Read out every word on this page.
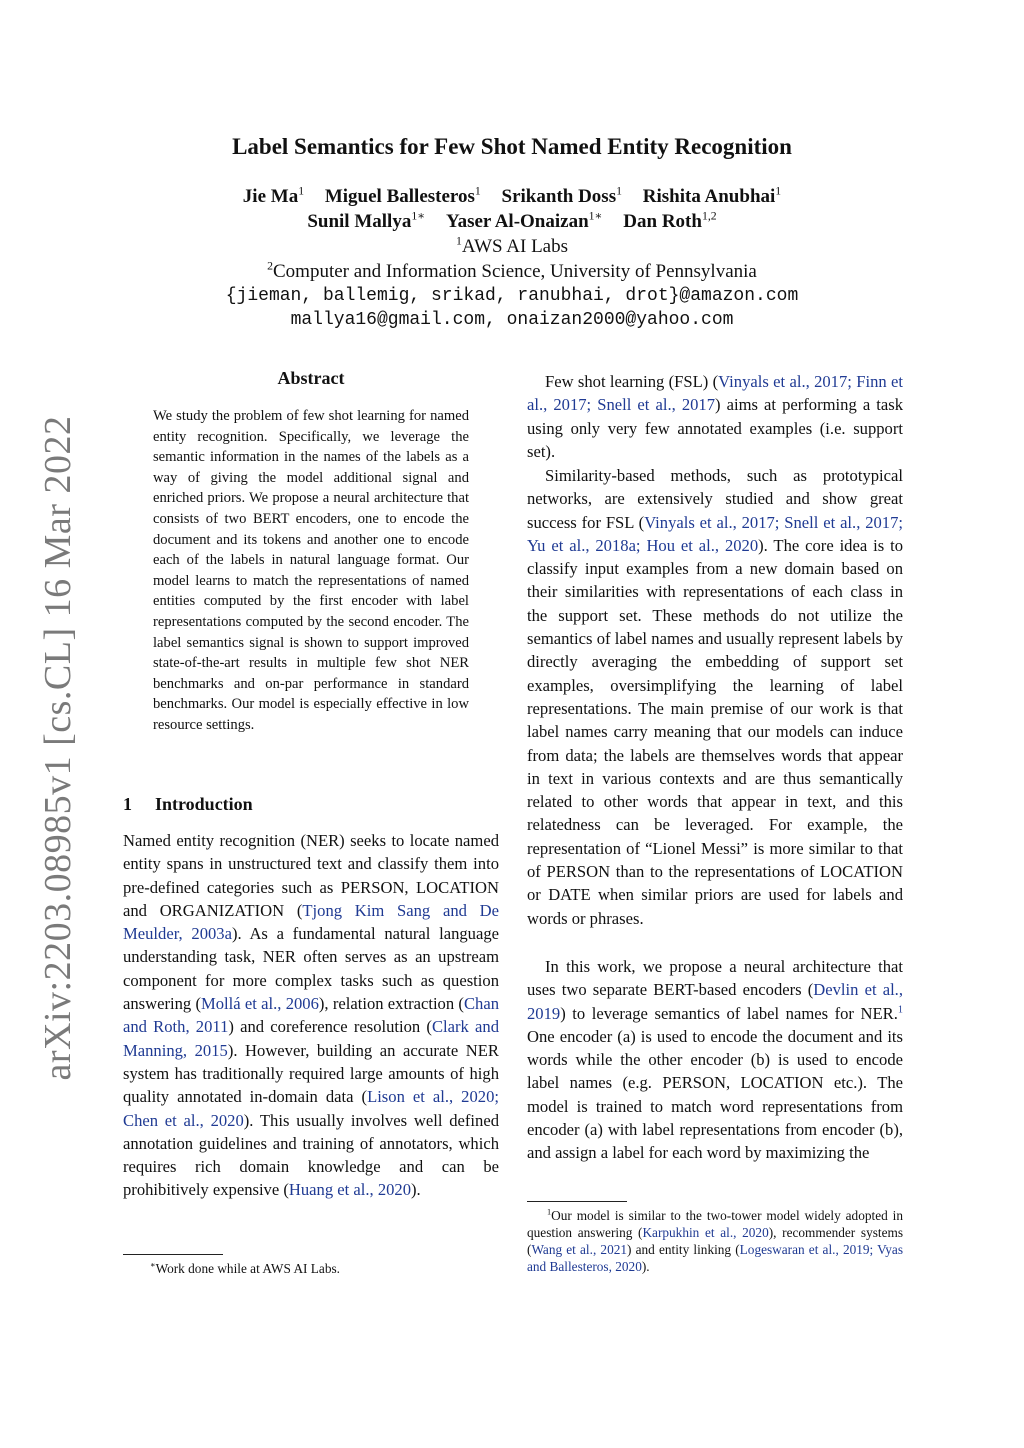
arXiv:2203.08985v1 [cs.CL] 16 Mar 2022
Label Semantics for Few Shot Named Entity Recognition
Jie Ma$^1$ Miguel Ballesteros$^1$ Srikanth Doss$^1$ Rishita Anubhai$^1$
Sunil Mallya$^{1∗}$ Yaser Al-Onaizan$^{1∗}$ Dan Roth$^{1,2}$
$^1$AWS AI Labs
$^2$Computer and Information Science, University of Pennsylvania
{jieman, ballemig, srikad, ranubhai, drot}@amazon.com
mallya16@gmail.com, onaizan2000@yahoo.com
Abstract
We study the problem of few shot learning for named entity recognition. Specifically, we leverage the semantic information in the names of the labels as a way of giving the model additional signal and enriched priors. We propose a neural architecture that consists of two BERT encoders, one to encode the document and its tokens and another one to encode each of the labels in natural language format. Our model learns to match the representations of named entities computed by the first encoder with label representations computed by the second encoder. The label semantics signal is shown to support improved state-of-the-art results in multiple few shot NER benchmarks and on-par performance in standard benchmarks. Our model is especially effective in low resource settings.
1 Introduction

Named entity recognition (NER) seeks to locate named entity spans in unstructured text and classify them into pre-defined categories such as PERSON, LOCATION and ORGANIZATION (Tjong Kim Sang and De Meulder, 2003a). As a fundamental natural language understanding task, NER often serves as an upstream component for more complex tasks such as question answering (Mollá et al., 2006), relation extraction (Chan and Roth, 2011) and coreference resolution (Clark and Manning, 2015). However, building an accurate NER system has traditionally required large amounts of high quality annotated in-domain data (Lison et al., 2020; Chen et al., 2020). This usually involves well defined annotation guidelines and training of annotators, which requires rich domain knowledge and can be prohibitively expensive (Huang et al., 2020).

∗Work done while at AWS AI Labs.

Few shot learning (FSL) (Vinyals et al., 2017; Finn et al., 2017; Snell et al., 2017) aims at performing a task using only very few annotated examples (i.e. support set).

Similarity-based methods, such as prototypical networks, are extensively studied and show great success for FSL (Vinyals et al., 2017; Snell et al., 2017; Yu et al., 2018a; Hou et al., 2020). The core idea is to classify input examples from a new domain based on their similarities with representations of each class in the support set. These methods do not utilize the semantics of label names and usually represent labels by directly averaging the embedding of support set examples, oversimplifying the learning of label representations. The main premise of our work is that label names carry meaning that our models can induce from data; the labels are themselves words that appear in text in various contexts and are thus semantically related to other words that appear in text, and this relatedness can be leveraged. For example, the representation of “Lionel Messi” is more similar to that of PERSON than to the representations of LOCATION or DATE when similar priors are used for labels and words or phrases.

In this work, we propose a neural architecture that uses two separate BERT-based encoders (Devlin et al., 2019) to leverage semantics of label names for NER.$^1$ One encoder (a) is used to encode the document and its words while the other encoder (b) is used to encode label names (e.g. PERSON, LOCATION etc.). The model is trained to match word representations from encoder (a) with label representations from encoder (b), and assign a label for each word by maximizing the

$^1$Our model is similar to the two-tower model widely adopted in question answering (Karpukhin et al., 2020), recommender systems (Wang et al., 2021) and entity linking (Logeswaran et al., 2019; Vyas and Ballesteros, 2020).
